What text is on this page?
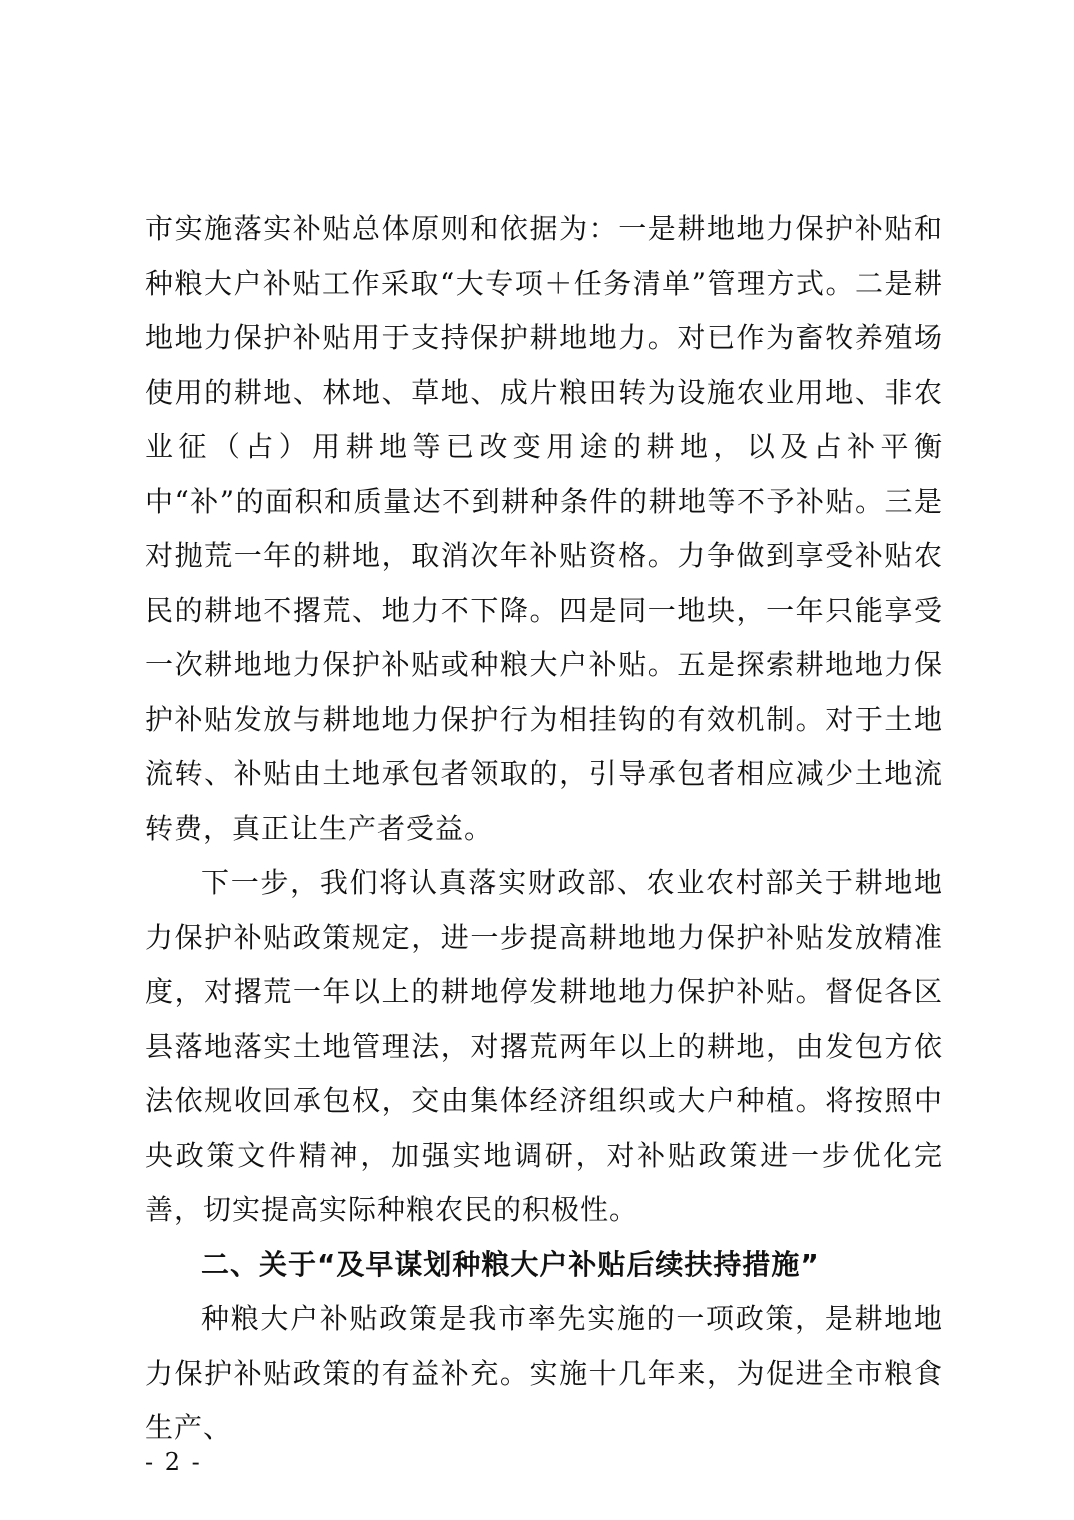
市实施落实补贴总体原则和依据为：一是耕地地力保护补贴和种粮大户补贴工作采取“大专项＋任务清单”管理方式。二是耕地地力保护补贴用于支持保护耕地地力。对已作为畜牧养殖场使用的耕地、林地、草地、成片粮田转为设施农业用地、非农业征（占）用耕地等已改变用途的耕地，以及占补平衡中“补”的面积和质量达不到耕种条件的耕地等不予补贴。三是对抛荒一年的耕地，取消次年补贴资格。力争做到享受补贴农民的耕地不撂荒、地力不下降。四是同一地块，一年只能享受一次耕地地力保护补贴或种粮大户补贴。五是探索耕地地力保护补贴发放与耕地地力保护行为相挂钩的有效机制。对于土地流转、补贴由土地承包者领取的，引导承包者相应减少土地流转费，真正让生产者受益。

下一步，我们将认真落实财政部、农业农村部关于耕地地力保护补贴政策规定，进一步提高耕地地力保护补贴发放精准度，对撂荒一年以上的耕地停发耕地地力保护补贴。督促各区县落地落实土地管理法，对撂荒两年以上的耕地，由发包方依法依规收回承包权，交由集体经济组织或大户种植。将按照中央政策文件精神，加强实地调研，对补贴政策进一步优化完善，切实提高实际种粮农民的积极性。

二、关于“及早谋划种粮大户补贴后续扶持措施”

种粮大户补贴政策是我市率先实施的一项政策，是耕地地力保护补贴政策的有益补充。实施十几年来，为促进全市粮食生产、

- 2 -
